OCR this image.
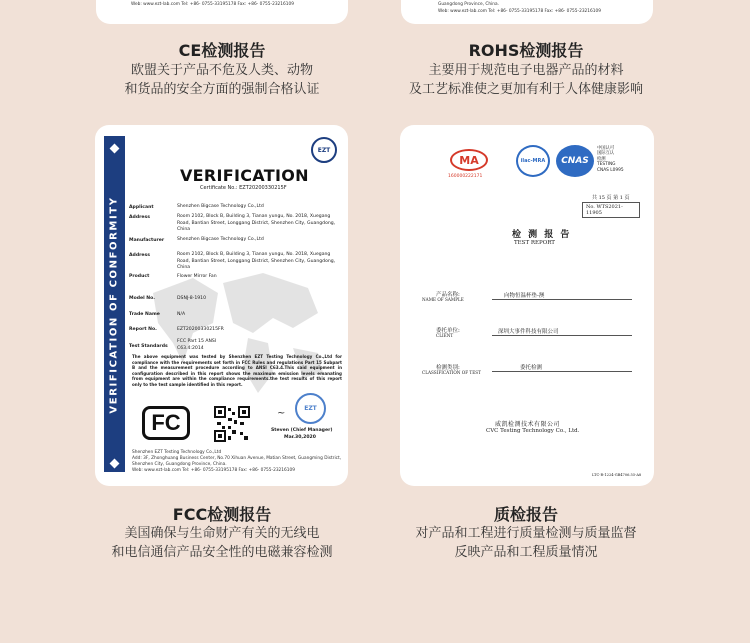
Web: www.ezt-lab.com Tel: +86- 0755-33195178 Fax: +86- 0755-23216109	Guangdong Province, China.
Web: www.ezt-lab.com Tel: +86- 0755-33195178 Fax: +86- 0755-23216109
CE检测报告
欧盟关于产品不危及人类、动物
和货品的安全方面的强制合格认证
ROHS检测报告
主要用于规范电子电器产品的材料
及工艺标准使之更加有利于人体健康影响
VERIFICATION OF CONFORMITY
EZT
VERIFICATION
Certificate No.: EZT20200330215F
Applicant	Shenzhen Bigcase Technology Co.,Ltd
Address	Room 2102, Block B, Building 3, Tianan yungu, No. 2018, Xuegang Road, Bantian Street, Longgang District, Shenzhen City, Guangdong, China
Manufacturer	Shenzhen Bigcase Technology Co.,Ltd
Address	Room 2102, Block B, Building 3, Tianan yungu, No. 2018, Xuegang Road, Bantian Street, Longgang District, Shenzhen City, Guangdong, China
Product	Flower Mirror Fan
Model No.	DSNJ-8-1910
Trade Name	N/A
Report No.	EZT20200330215FR
Test Standards
FCC Part 15 ANSI C63.4:2014
The above equipment was tested by Shenzhen EZT Testing Technology Co.,Ltd for compliance with the requirements set forth in FCC Rules and regulations Part 15 Subpart B and the measurement procedure according to ANSI C63.4.This said equipment in configuration described in this report shows the maximum emission levels emanating from equipment are within the compliance requirements.the test results of this report only to the test sample identified in this report.
FC	~	EZT
Steven (Chief Manager)
Mar.30,2020
Shenzhen EZT Testing Technology Co.,Ltd
Add: 3F, Zhonghuang Business Center, No.70 Xihuan Avenue, Matian Street, Guangming District,
Shenzhen City, Guangdong Province, China.
Web: www.ezt-lab.com Tel: +86- 0755-33195178 Fax: +86- 0755-23216109
MA
160000222171
ilac-MRA CNAS
中国认可
国际互认
检测
TESTING
CNAS L0995
共 15 页 第 1 页
No. WTS2021-11905
检 测 报 告
TEST REPORT
产品名称:
NAME OF SAMPLE
向物恒温杯垫-澳
委托单位:
CLIENT
深圳大事件科技有限公司
检测类别:
CLASSIFICATION OF TEST
委托检测
威凯检测技术有限公司
CVC Testing Technology Co., Ltd.
LTC-R-1224-GB4706.55-A8
FCC检测报告
美国确保与生命财产有关的无线电
和电信通信产品安全性的电磁兼容检测
质检报告
对产品和工程进行质量检测与质量监督
反映产品和工程质量情况
